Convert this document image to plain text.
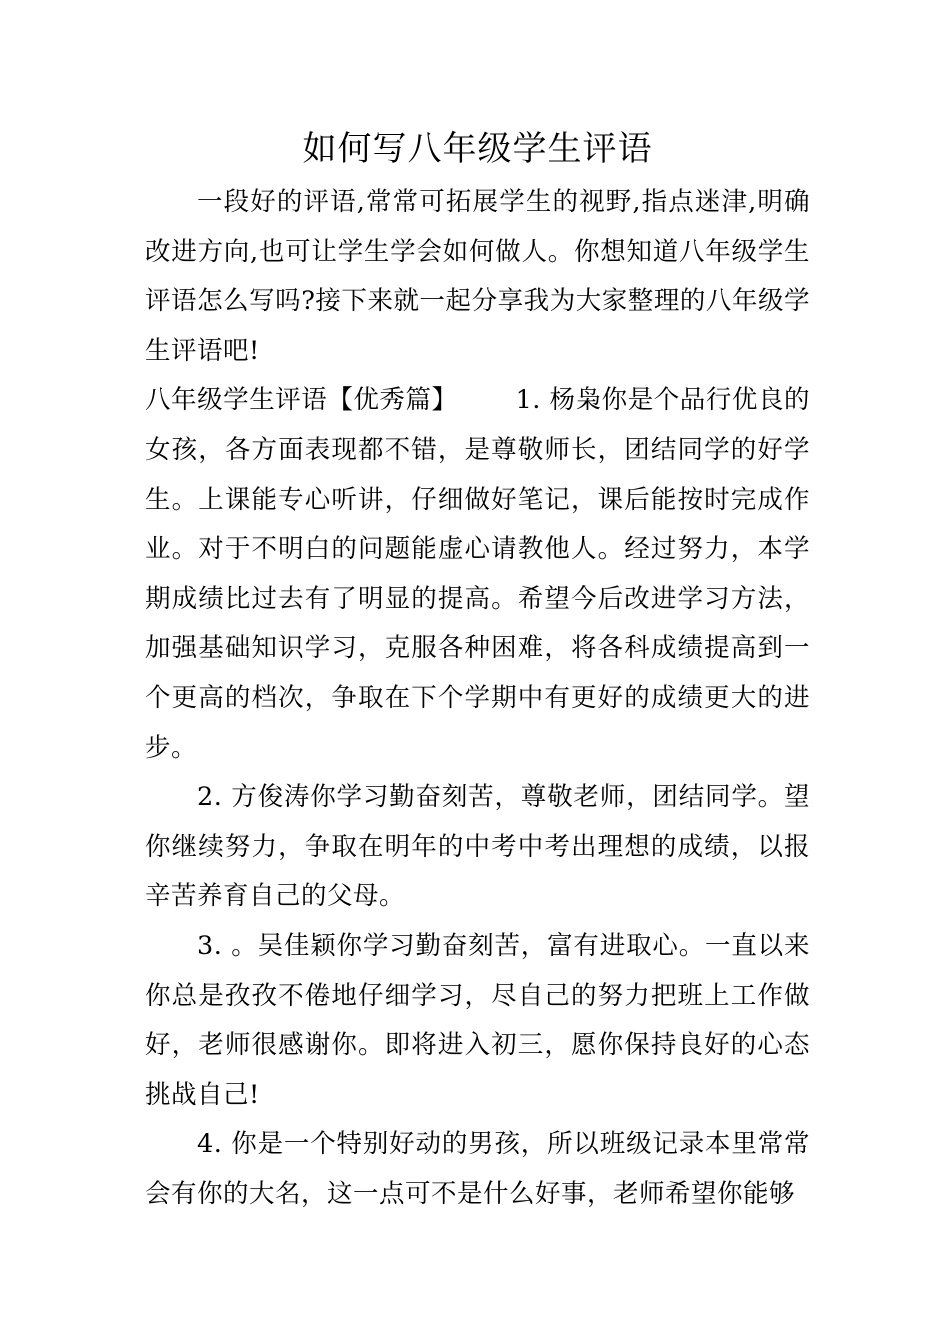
如何写八年级学生评语

一段好的评语,常常可拓展学生的视野,指点迷津,明确改进方向,也可让学生学会如何做人。你想知道八年级学生评语怎么写吗?接下来就一起分享我为大家整理的八年级学生评语吧!

八年级学生评语【优秀篇】 1. 杨枭你是个品行优良的女孩，各方面表现都不错，是尊敬师长，团结同学的好学生。上课能专心听讲，仔细做好笔记，课后能按时完成作业。对于不明白的问题能虚心请教他人。经过努力，本学期成绩比过去有了明显的提高。希望今后改进学习方法，加强基础知识学习，克服各种困难，将各科成绩提高到一个更高的档次，争取在下个学期中有更好的成绩更大的进步。

2. 方俊涛你学习勤奋刻苦，尊敬老师，团结同学。望你继续努力，争取在明年的中考中考出理想的成绩，以报辛苦养育自己的父母。

3. 。吴佳颖你学习勤奋刻苦，富有进取心。一直以来你总是孜孜不倦地仔细学习，尽自己的努力把班上工作做好，老师很感谢你。即将进入初三，愿你保持良好的心态挑战自己!

4. 你是一个特别好动的男孩，所以班级记录本里常常会有你的大名，这一点可不是什么好事，老师希望你能够
